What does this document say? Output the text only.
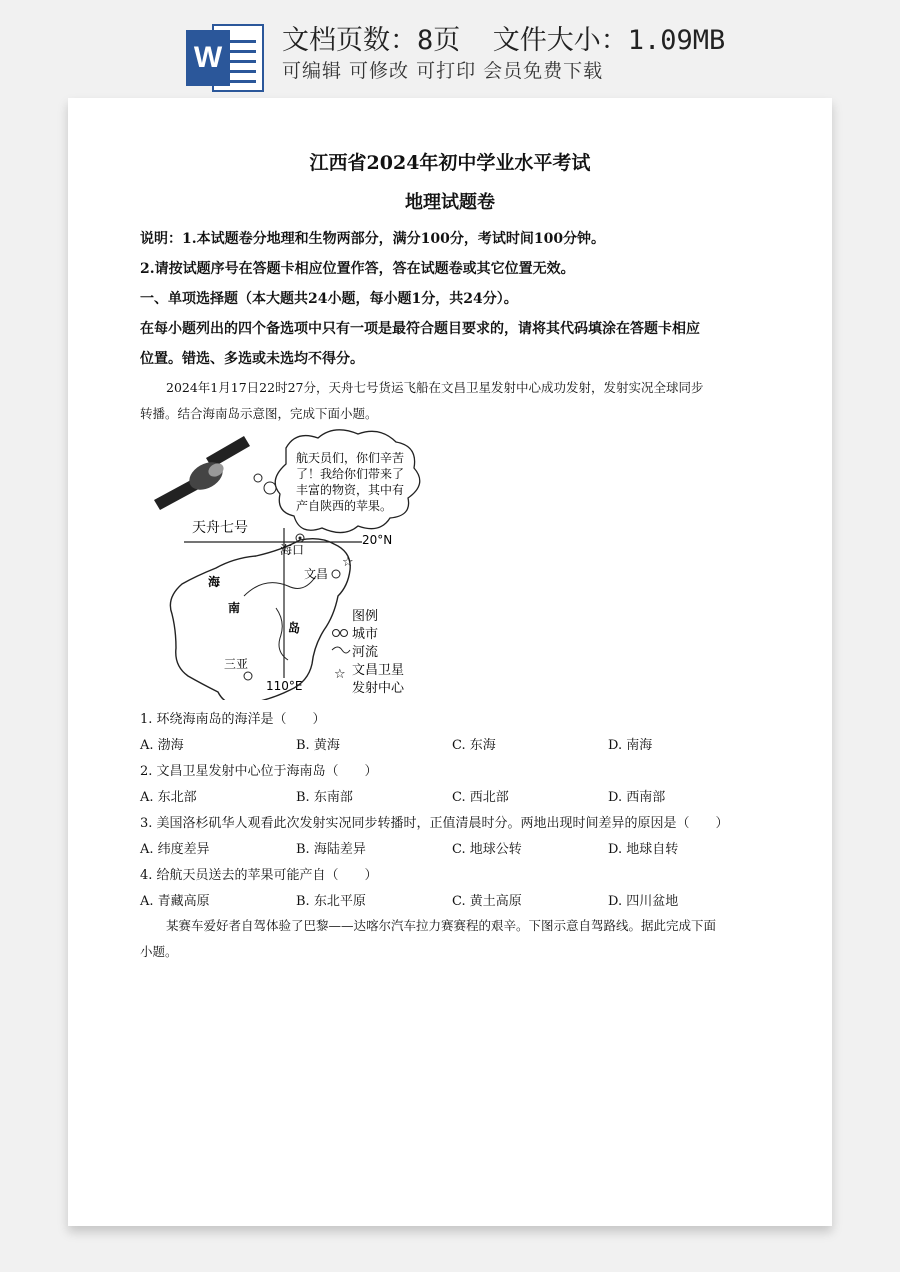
W
文档页数：8页  文件大小：1.09MB
可编辑 可修改 可打印 会员免费下载
江西省2024年初中学业水平考试
地理试题卷
说明：1.本试题卷分地理和生物两部分，满分100分，考试时间100分钟。
2.请按试题序号在答题卡相应位置作答，答在试题卷或其它位置无效。
一、单项选择题（本大题共24小题，每小题1分，共24分）。
在每小题列出的四个备选项中只有一项是最符合题目要求的，请将其代码填涂在答题卡相应
位置。错选、多选或未选均不得分。
2024年1月17日22时27分，天舟七号货运飞船在文昌卫星发射中心成功发射，发射实况全球同步
转播。结合海南岛示意图，完成下面小题。
天舟七号
航天员们，你们辛苦
了！我给你们带来了
丰富的物资，其中有
产自陕西的苹果。
20°N
110°E
海口
文昌
☆
三亚
海
南
岛
图例
城市
河流
☆ 文昌卫星
发射中心
1. 环绕海南岛的海洋是（　　）
A. 渤海	B. 黄海	C. 东海	D. 南海
2. 文昌卫星发射中心位于海南岛（　　）
A. 东北部	B. 东南部	C. 西北部	D. 西南部
3. 美国洛杉矶华人观看此次发射实况同步转播时，正值清晨时分。两地出现时间差异的原因是（　　）
A. 纬度差异	B. 海陆差异	C. 地球公转	D. 地球自转
4. 给航天员送去的苹果可能产自（　　）
A. 青藏高原	B. 东北平原	C. 黄土高原	D. 四川盆地
某赛车爱好者自驾体验了巴黎——达喀尔汽车拉力赛赛程的艰辛。下图示意自驾路线。据此完成下面
小题。
